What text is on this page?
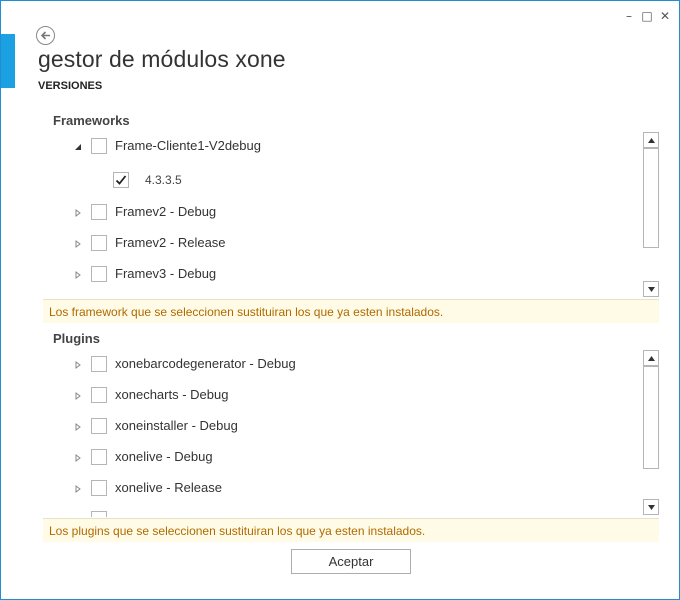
– □ ✕
gestor de módulos xone
VERSIONES
Frameworks
Frame-Cliente1-V2debug
4.3.3.5
Framev2 - Debug
Framev2 - Release
Framev3 - Debug
Los framework que se seleccionen sustituiran los que ya esten instalados.
Plugins
xonebarcodegenerator - Debug
xonecharts - Debug
xoneinstaller - Debug
xonelive - Debug
xonelive - Release
Los plugins que se seleccionen sustituiran los que ya esten instalados.
Aceptar
